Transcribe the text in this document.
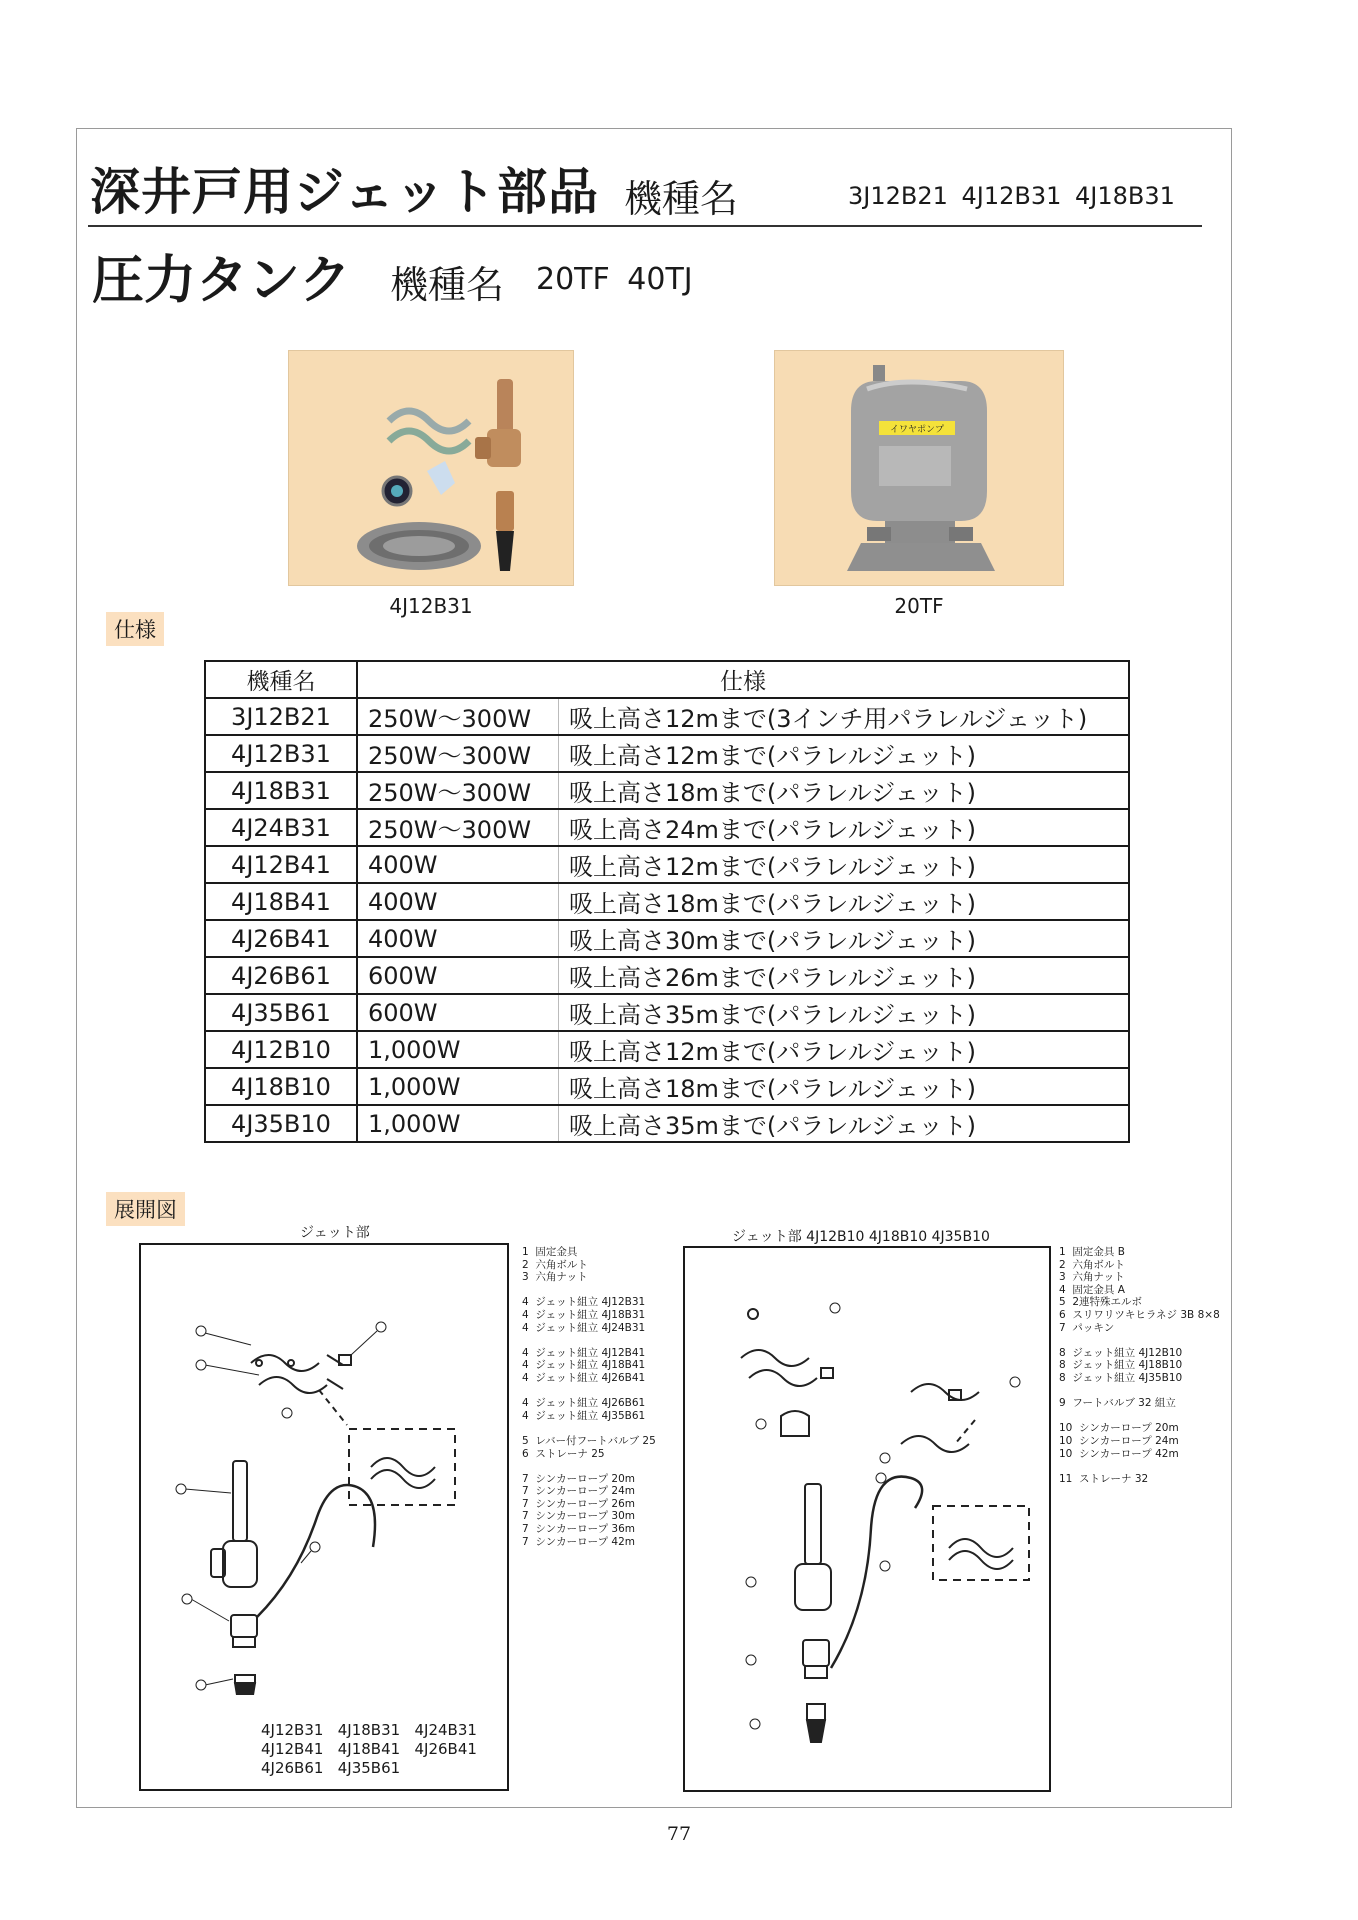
深井戸用ジェット部品 機種名	3J12B21 4J12B31 4J18B31
圧力タンク 機種名 20TF 40TJ
4J12B31
イワヤポンプ
20TF
仕様
機種名	仕様	
3J12B21	250W～300W	吸上高さ12mまで(3インチ用パラレルジェット)
4J12B31	250W～300W	吸上高さ12mまで(パラレルジェット)
4J18B31	250W～300W	吸上高さ18mまで(パラレルジェット)
4J24B31	250W～300W	吸上高さ24mまで(パラレルジェット)
4J12B41	400W	吸上高さ12mまで(パラレルジェット)
4J18B41	400W	吸上高さ18mまで(パラレルジェット)
4J26B41	400W	吸上高さ30mまで(パラレルジェット)
4J26B61	600W	吸上高さ26mまで(パラレルジェット)
4J35B61	600W	吸上高さ35mまで(パラレルジェット)
4J12B10	1,000W	吸上高さ12mまで(パラレルジェット)
4J18B10	1,000W	吸上高さ18mまで(パラレルジェット)
4J35B10	1,000W	吸上高さ35mまで(パラレルジェット)
展開図
ジェット部
4J12B31   4J18B31   4J24B31
4J12B41   4J18B41   4J26B41
4J26B61   4J35B61
1  固定金具
2  六角ボルト
3  六角ナット

4  ジェット組立 4J12B31
4  ジェット組立 4J18B31
4  ジェット組立 4J24B31

4  ジェット組立 4J12B41
4  ジェット組立 4J18B41
4  ジェット組立 4J26B41

4  ジェット組立 4J26B61
4  ジェット組立 4J35B61

5  レバー付フートバルブ 25
6  ストレーナ 25

7  シンカーロープ 20m
7  シンカーロープ 24m
7  シンカーロープ 26m
7  シンカーロープ 30m
7  シンカーロープ 36m
7  シンカーロープ 42m
ジェット部 4J12B10 4J18B10 4J35B10
1  固定金具 B
2  六角ボルト
3  六角ナット
4  固定金具 A
5  2連特殊エルボ
6  スリワリツキヒラネジ 3B 8×8
7  パッキン

8  ジェット組立 4J12B10
8  ジェット組立 4J18B10
8  ジェット組立 4J35B10

9  フートバルブ 32 組立

10  シンカーロープ 20m
10  シンカーロープ 24m
10  シンカーロープ 42m

11  ストレーナ 32
77
